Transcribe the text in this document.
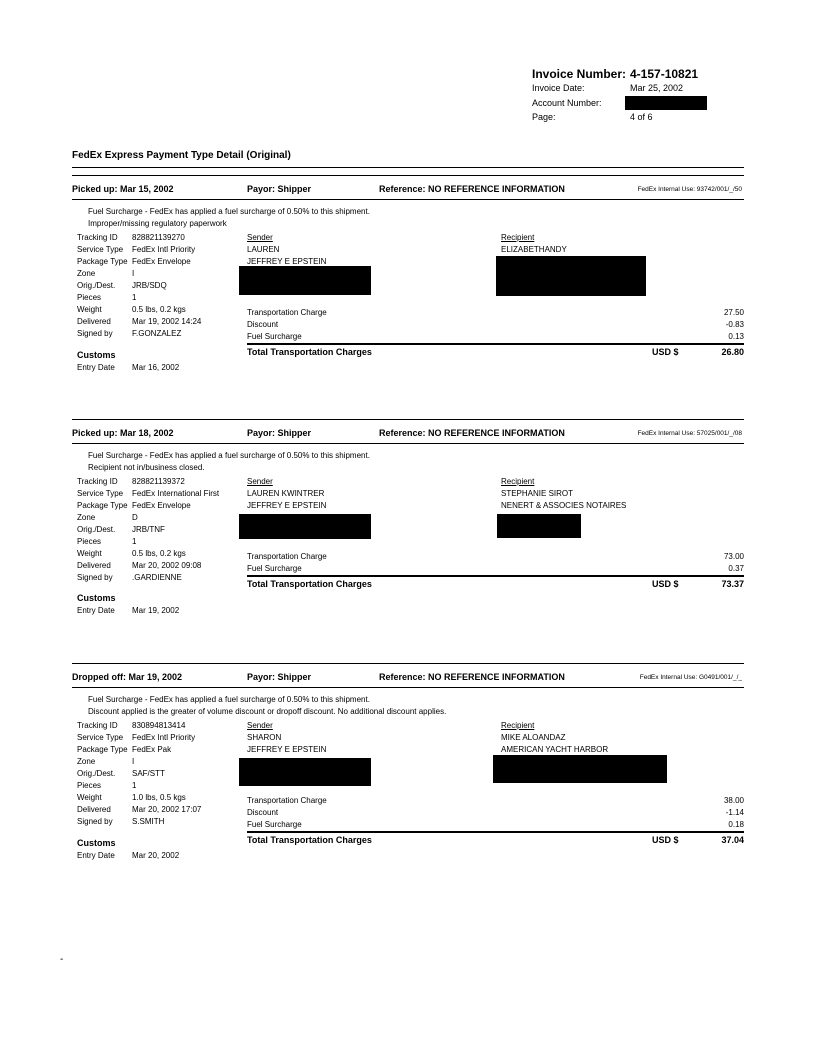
Invoice Number: 4-157-10821
Invoice Date:	Mar 25, 2002
Account Number:
Page:	4 of 6
FedEx Express Payment Type Detail (Original)
Picked up: Mar 15, 2002	Payor: Shipper	Reference: NO REFERENCE INFORMATION	FedEx Internal Use: 93742/001/_/50
Fuel Surcharge - FedEx has applied a fuel surcharge of 0.50% to this shipment.
Improper/missing regulatory paperwork
Tracking ID 828821139270
Service Type FedEx Intl Priority
Package Type FedEx Envelope
Zone	I
Orig./Dest. JRB/SDQ
Pieces	1
Weight	0.5 lbs, 0.2 kgs
Delivered	Mar 19, 2002 14:24
Signed by F.GONZALEZ
Sender
LAUREN
JEFFREY E EPSTEIN
Recipient
ELIZABETHANDY
Transportation Charge	27.50
Discount	-0.83
Fuel Surcharge	0.13
Total Transportation Charges	USD $	26.80
Customs
Entry Date Mar 16, 2002
Picked up: Mar 18, 2002	Payor: Shipper	Reference: NO REFERENCE INFORMATION	FedEx Internal Use: 57025/001/_/08
Fuel Surcharge - FedEx has applied a fuel surcharge of 0.50% to this shipment.
Recipient not in/business closed.
Tracking ID 828821139372
Service Type FedEx International First
Package Type FedEx Envelope
Zone	D
Orig./Dest. JRB/TNF
Pieces	1
Weight	0.5 lbs, 0.2 kgs
Delivered	Mar 20, 2002 09:08
Signed by .GARDIENNE
Sender
LAUREN KWINTRER
JEFFREY E EPSTEIN
Recipient
STEPHANIE SIROT
NENERT & ASSOCIES NOTAIRES
Transportation Charge	73.00
Fuel Surcharge	0.37
Total Transportation Charges	USD $	73.37
Customs
Entry Date Mar 19, 2002
Dropped off: Mar 19, 2002	Payor: Shipper	Reference: NO REFERENCE INFORMATION	FedEx Internal Use: G0491/001/_/_
Fuel Surcharge - FedEx has applied a fuel surcharge of 0.50% to this shipment.
Discount applied is the greater of volume discount or dropoff discount. No additional discount applies.
Tracking ID 830894813414
Service Type FedEx Intl Priority
Package Type FedEx Pak
Zone	I
Orig./Dest. SAF/STT
Pieces	1
Weight	1.0 lbs, 0.5 kgs
Delivered	Mar 20, 2002 17:07
Signed by S.SMITH
Sender
SHARON
JEFFREY E EPSTEIN
Recipient
MIKE ALOANDAZ
AMERICAN YACHT HARBOR
Transportation Charge	38.00
Discount	-1.14
Fuel Surcharge	0.18
Total Transportation Charges	USD $	37.04
Customs
Entry Date Mar 20, 2002
-
